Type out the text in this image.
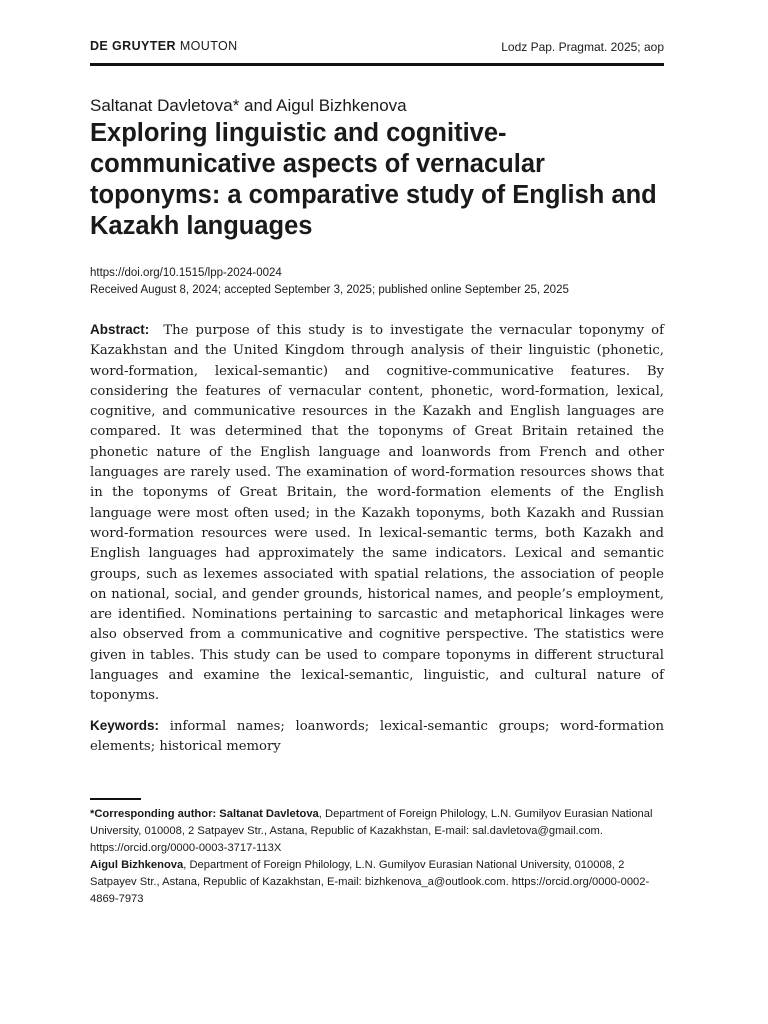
DE GRUYTER MOUTON	Lodz Pap. Pragmat. 2025; aop
Saltanat Davletova* and Aigul Bizhkenova
Exploring linguistic and cognitive-communicative aspects of vernacular toponyms: a comparative study of English and Kazakh languages
https://doi.org/10.1515/lpp-2024-0024
Received August 8, 2024; accepted September 3, 2025; published online September 25, 2025

Abstract: The purpose of this study is to investigate the vernacular toponymy of Kazakhstan and the United Kingdom through analysis of their linguistic (phonetic, word-formation, lexical-semantic) and cognitive-communicative features. By considering the features of vernacular content, phonetic, word-formation, lexical, cognitive, and communicative resources in the Kazakh and English languages are compared. It was determined that the toponyms of Great Britain retained the phonetic nature of the English language and loanwords from French and other languages are rarely used. The examination of word-formation resources shows that in the toponyms of Great Britain, the word-formation elements of the English language were most often used; in the Kazakh toponyms, both Kazakh and Russian word-formation resources were used. In lexical-semantic terms, both Kazakh and English languages had approximately the same indicators. Lexical and semantic groups, such as lexemes associated with spatial relations, the association of people on national, social, and gender grounds, historical names, and people’s employment, are identified. Nominations pertaining to sarcastic and metaphorical linkages were also observed from a communicative and cognitive perspective. The statistics were given in tables. This study can be used to compare toponyms in different structural languages and examine the lexical-semantic, linguistic, and cultural nature of toponyms.

Keywords: informal names; loanwords; lexical-semantic groups; word-formation elements; historical memory

*Corresponding author: Saltanat Davletova, Department of Foreign Philology, L.N. Gumilyov Eurasian National University, 010008, 2 Satpayev Str., Astana, Republic of Kazakhstan, E-mail: sal.davletova@gmail.com. https://orcid.org/0000-0003-3717-113X

Aigul Bizhkenova, Department of Foreign Philology, L.N. Gumilyov Eurasian National University, 010008, 2 Satpayev Str., Astana, Republic of Kazakhstan, E-mail: bizhkenova_a@outlook.com. https://orcid.org/0000-0002-4869-7973
